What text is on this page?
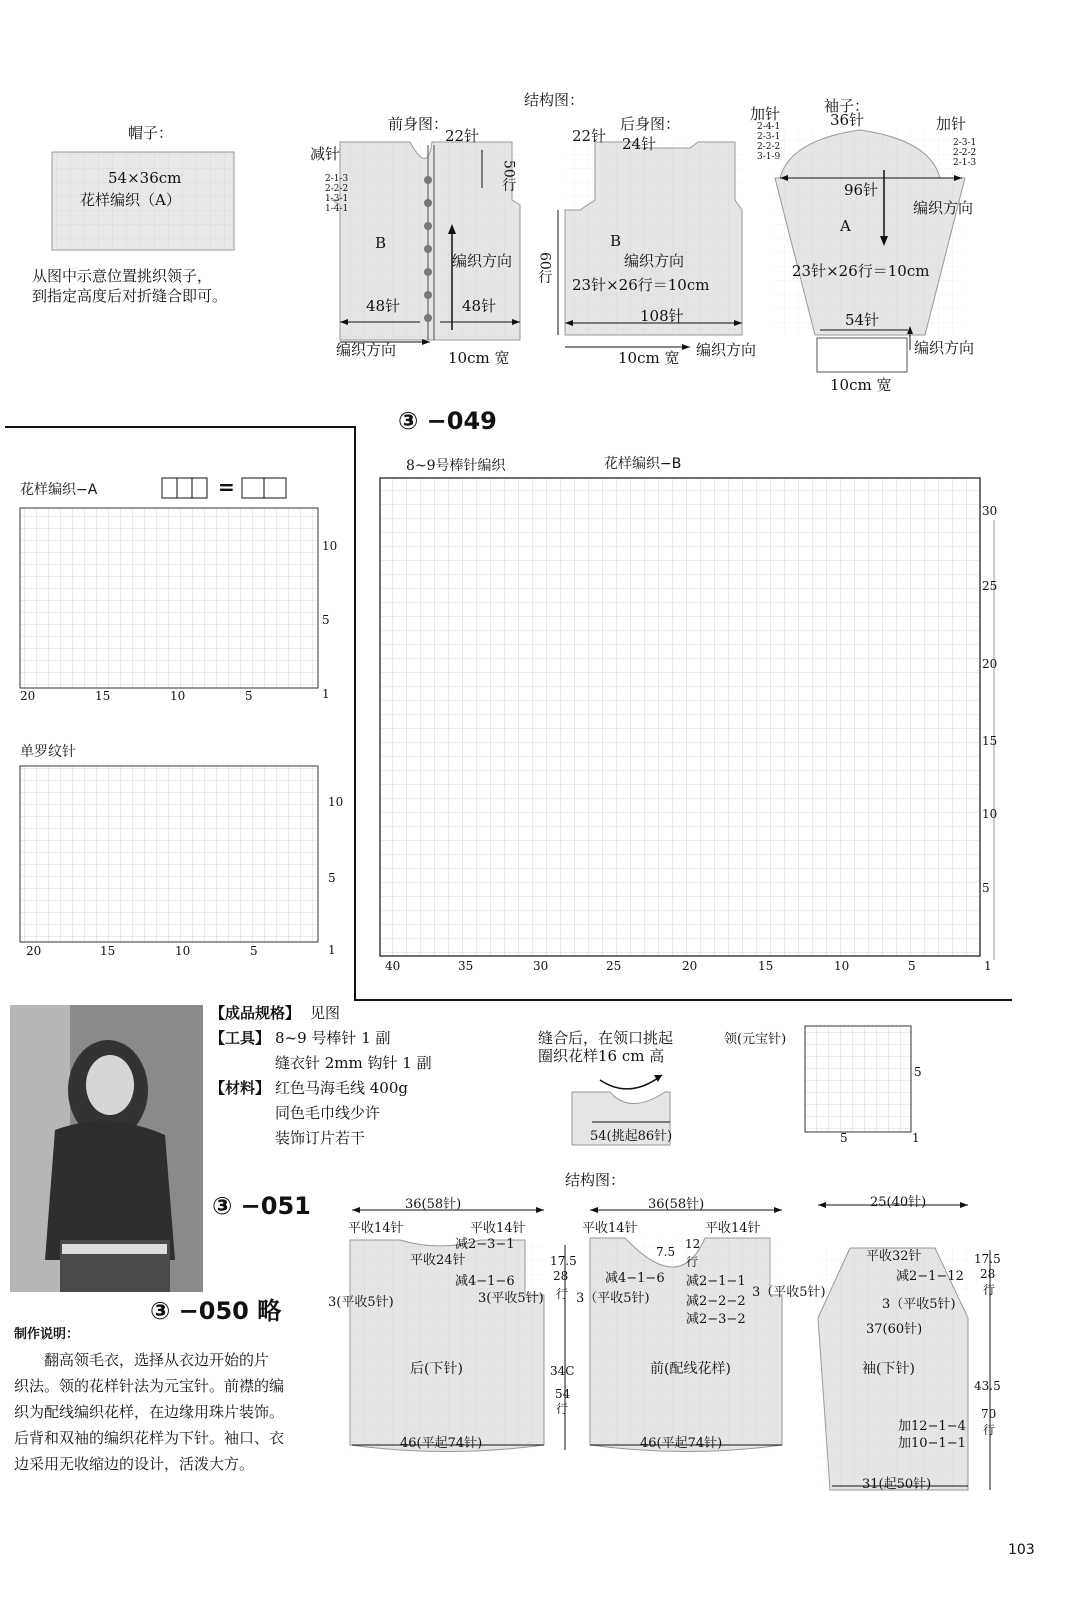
结构图：
帽子：
54×36cm
花样编织（A）
从图中示意位置挑织领子，
到指定高度后对折缝合即可。
前身图：
减针
2-1-3
2-2-2
1-3-1
1-4-1
22针
50行
B
编织方向
48针	48针
编织方向	10cm 宽
后身图：
22针 24针
60行
B
编织方向
23针×26行＝10cm
108针
10cm 宽 编织方向
袖子：
加针
加针
36针
2-4-1
2-3-1
2-2-2
3-1-9
2-3-1
2-2-2
2-1-3
96针
A
编织方向
23针×26行＝10cm
54针
编织方向
10cm 宽
③ −049
花样编织−A	=
10
5
1
20	15	10	5
单罗纹针
10
5
1
20	15	10	5
8~9号棒针编织	花样编织−B
30
25
20
15
10
5
40	35	30	25	20	15	10	5	1
【成品规格】 见图
【工具】 8~9 号棒针 1 副
缝衣针 2mm 钩针 1 副
【材料】 红色马海毛线 400g
同色毛巾线少许
装饰订片若干
③ −051
缝合后，在领口挑起
圈织花样16 cm 高
54(挑起86针)
领(元宝针)
5
5	1
③ −050 略
制作说明：
翻高领毛衣，选择从衣边开始的片
织法。领的花样针法为元宝针。前襟的编
织为配线编织花样，在边缘用珠片装饰。
后背和双袖的编织花样为下针。袖口、衣
边采用无收缩边的设计，活泼大方。
结构图：
36(58针)
平收14针	平收14针
减2−3−1
平收24针
减4−1−6
3(平收5针)	3(平收5针)
后(下针)
46(平起74针)
17.5
28
行
34C
54
行
36(58针)
平收14针	平收14针
12
7.5
行
减4−1−6 减2−1−1
3（平收5针)	减2−2−2
3（平收5针)
减2−3−2
前(配线花样)
46(平起74针)
25(40针)
平收32针
减2−1−12
3（平收5针)
37(60针)
袖(下针)
加12−1−4
加10−1−1
31(起50针)
17.5
28
行
43.5
70
行
103
